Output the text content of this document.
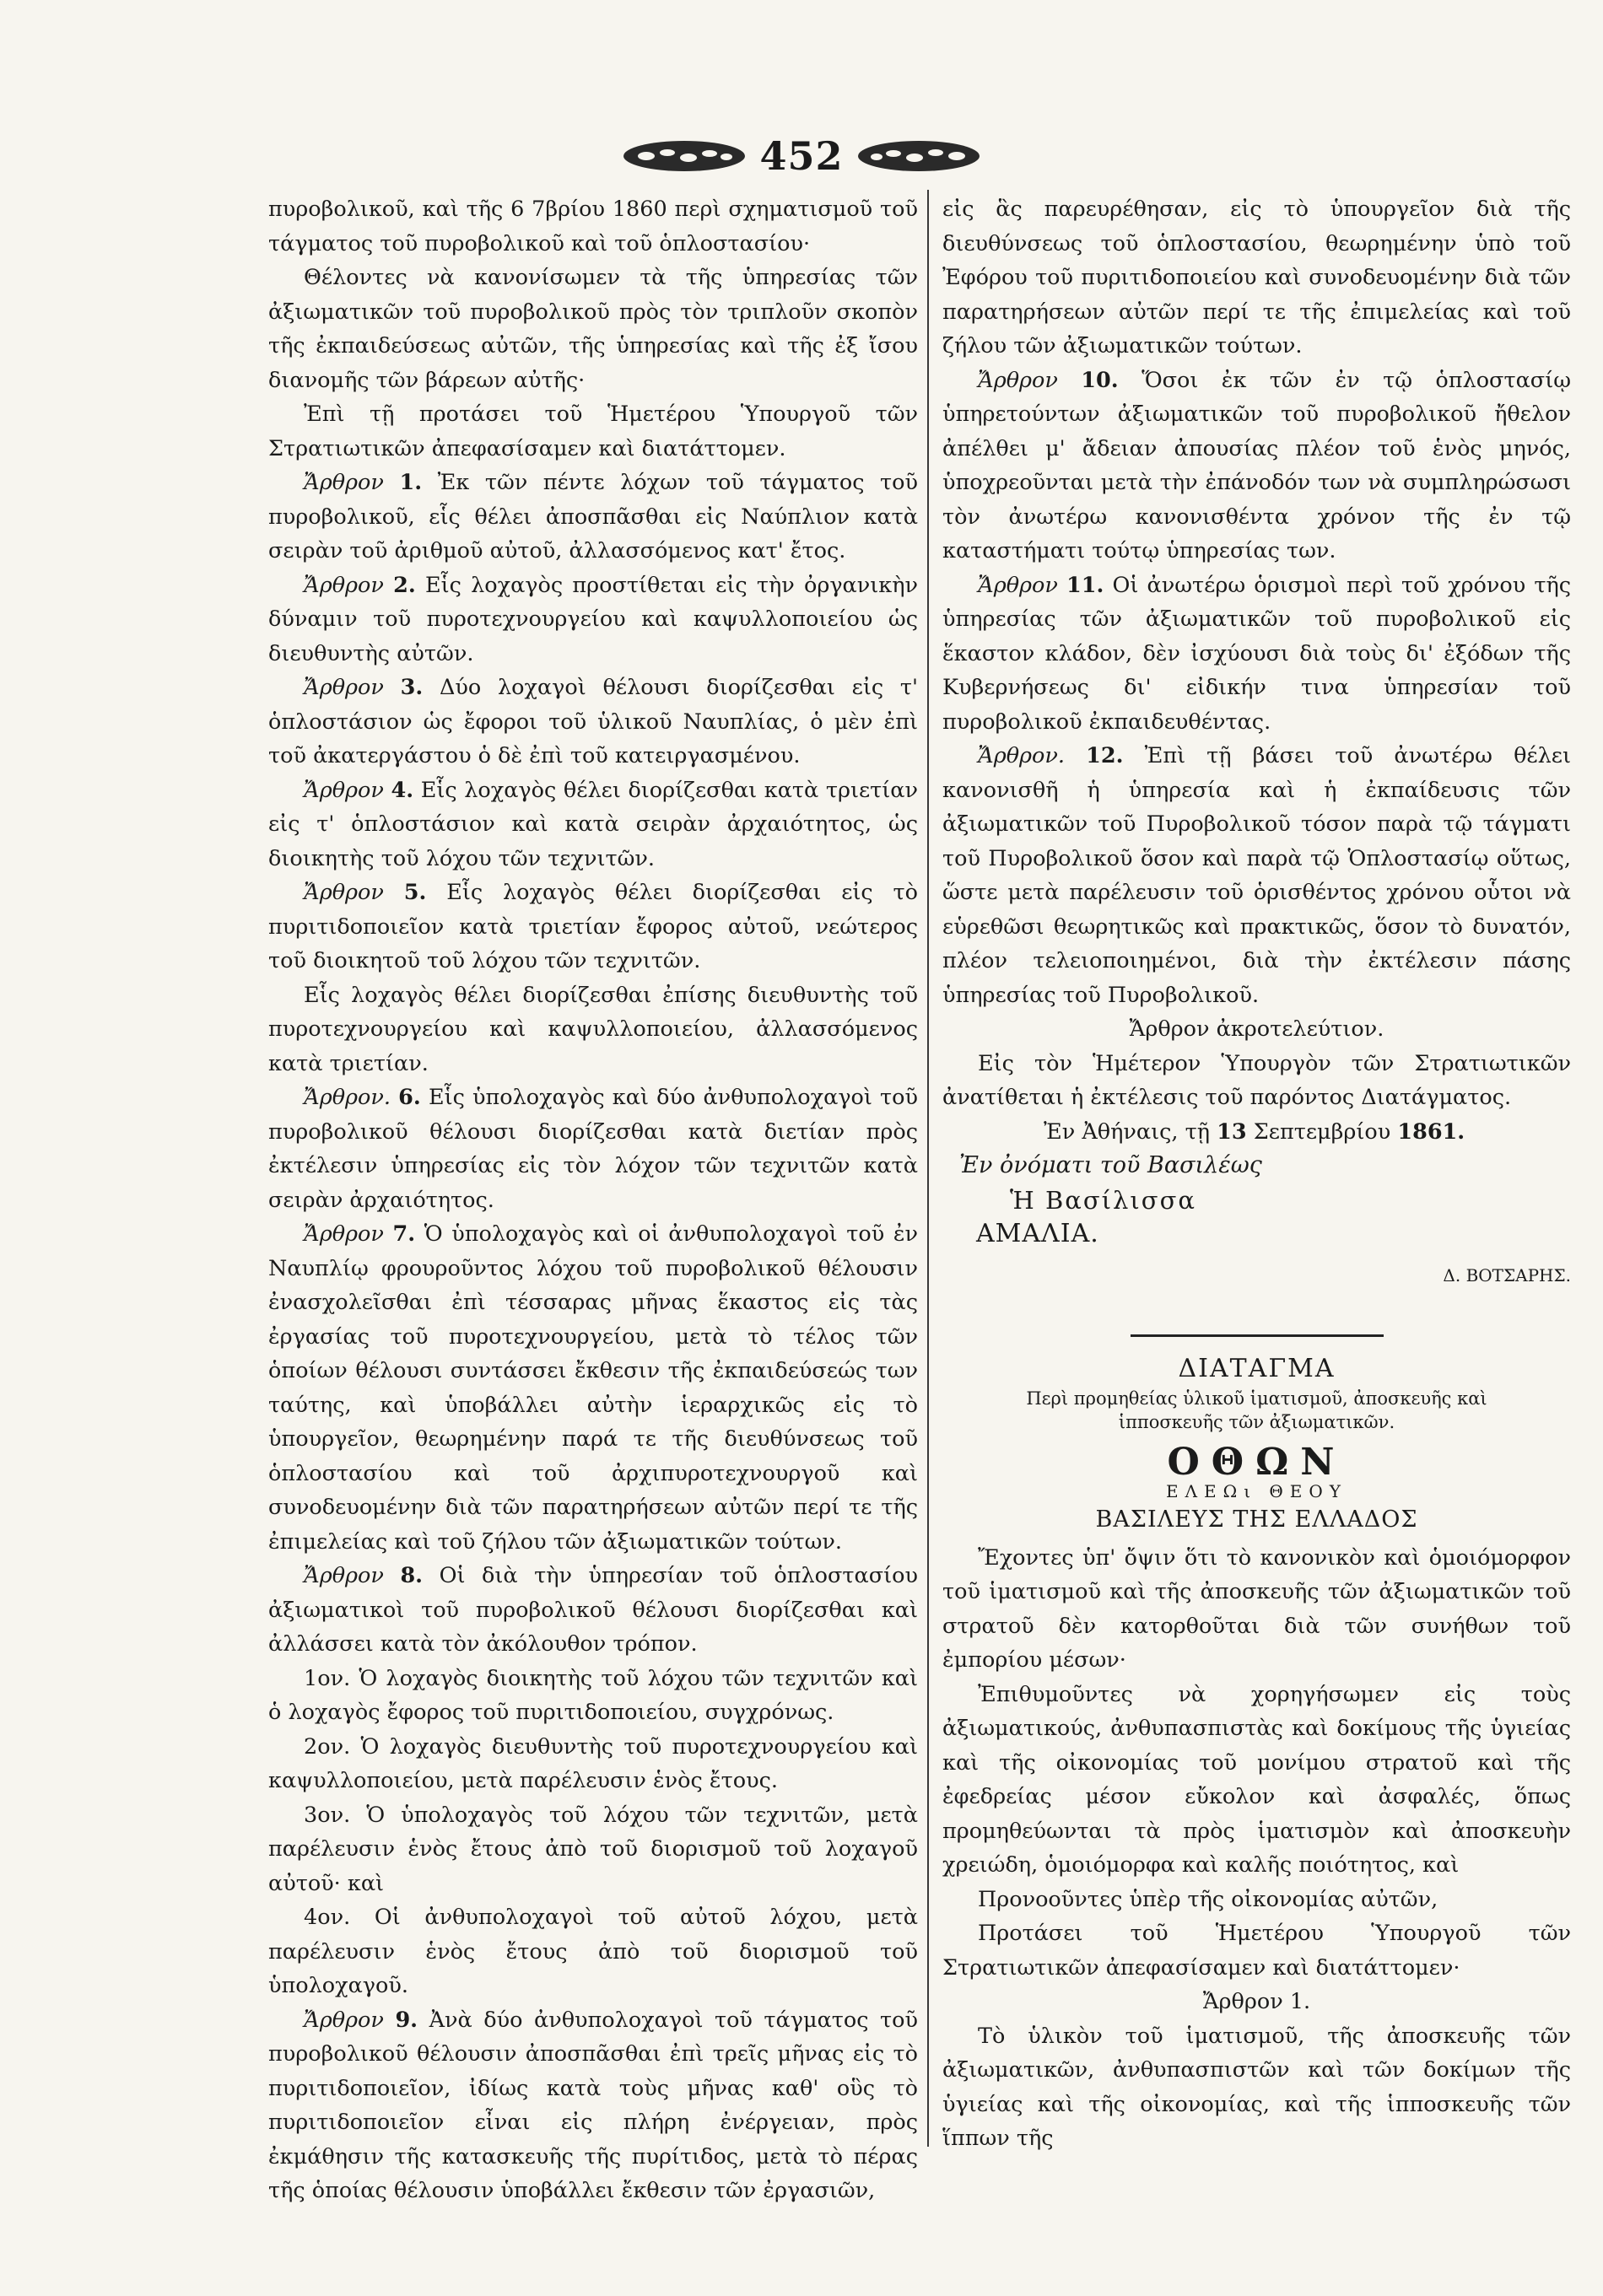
452

πυροβολικοῦ, καὶ τῆς 6 7βρίου 1860 περὶ σχηματισμοῦ τοῦ τάγματος τοῦ πυροβολικοῦ καὶ τοῦ ὁπλοστασίου·

Θέλοντες νὰ κανονίσωμεν τὰ τῆς ὑπηρεσίας τῶν ἀξιωματικῶν τοῦ πυροβολικοῦ πρὸς τὸν τριπλοῦν σκοπὸν τῆς ἐκπαιδεύσεως αὐτῶν, τῆς ὑπηρεσίας καὶ τῆς ἐξ ἴσου διανομῆς τῶν βάρεων αὐτῆς·

Ἐπὶ τῇ προτάσει τοῦ Ἡμετέρου Ὑπουργοῦ τῶν Στρατιωτικῶν ἀπεφασίσαμεν καὶ διατάττομεν.

Ἄρθρον 1. Ἐκ τῶν πέντε λόχων τοῦ τάγματος τοῦ πυροβολικοῦ, εἷς θέλει ἀποσπᾶσθαι εἰς Ναύπλιον κατὰ σειρὰν τοῦ ἀριθμοῦ αὐτοῦ, ἀλλασσόμενος κατ' ἔτος.

Ἄρθρον 2. Εἷς λοχαγὸς προστίθεται εἰς τὴν ὀργανικὴν δύναμιν τοῦ πυροτεχνουργείου καὶ καψυλλοποιείου ὡς διευθυντὴς αὐτῶν.

Ἄρθρον 3. Δύο λοχαγοὶ θέλουσι διορίζεσθαι εἰς τ' ὁπλοστάσιον ὡς ἔφοροι τοῦ ὑλικοῦ Ναυπλίας, ὁ μὲν ἐπὶ τοῦ ἀκατεργάστου ὁ δὲ ἐπὶ τοῦ κατειργασμένου.

Ἄρθρον 4. Εἷς λοχαγὸς θέλει διορίζεσθαι κατὰ τριετίαν εἰς τ' ὁπλοστάσιον καὶ κατὰ σειρὰν ἀρχαιότητος, ὡς διοικητὴς τοῦ λόχου τῶν τεχνιτῶν.

Ἄρθρον 5. Εἷς λοχαγὸς θέλει διορίζεσθαι εἰς τὸ πυριτιδοποιεῖον κατὰ τριετίαν ἔφορος αὐτοῦ, νεώτερος τοῦ διοικητοῦ τοῦ λόχου τῶν τεχνιτῶν.

Εἷς λοχαγὸς θέλει διορίζεσθαι ἐπίσης διευθυντὴς τοῦ πυροτεχνουργείου καὶ καψυλλοποιείου, ἀλλασσόμενος κατὰ τριετίαν.

Ἄρθρον. 6. Εἷς ὑπολοχαγὸς καὶ δύο ἀνθυπολοχαγοὶ τοῦ πυροβολικοῦ θέλουσι διορίζεσθαι κατὰ διετίαν πρὸς ἐκτέλεσιν ὑπηρεσίας εἰς τὸν λόχον τῶν τεχνιτῶν κατὰ σειρὰν ἀρχαιότητος.

Ἄρθρον 7. Ὁ ὑπολοχαγὸς καὶ οἱ ἀνθυπολοχαγοὶ τοῦ ἐν Ναυπλίῳ φρουροῦντος λόχου τοῦ πυροβολικοῦ θέλουσιν ἐνασχολεῖσθαι ἐπὶ τέσσαρας μῆνας ἕκαστος εἰς τὰς ἐργασίας τοῦ πυροτεχνουργείου, μετὰ τὸ τέλος τῶν ὁποίων θέλουσι συντάσσει ἔκθεσιν τῆς ἐκπαιδεύσεώς των ταύτης, καὶ ὑποβάλλει αὐτὴν ἱεραρχικῶς εἰς τὸ ὑπουργεῖον, θεωρημένην παρά τε τῆς διευθύνσεως τοῦ ὁπλοστασίου καὶ τοῦ ἀρχιπυροτεχνουργοῦ καὶ συνοδευομένην διὰ τῶν παρατηρήσεων αὐτῶν περί τε τῆς ἐπιμελείας καὶ τοῦ ζήλου τῶν ἀξιωματικῶν τούτων.

Ἄρθρον 8. Οἱ διὰ τὴν ὑπηρεσίαν τοῦ ὁπλοστασίου ἀξιωματικοὶ τοῦ πυροβολικοῦ θέλουσι διορίζεσθαι καὶ ἀλλάσσει κατὰ τὸν ἀκόλουθον τρόπον.

1ον. Ὁ λοχαγὸς διοικητὴς τοῦ λόχου τῶν τεχνιτῶν καὶ ὁ λοχαγὸς ἔφορος τοῦ πυριτιδοποιείου, συγχρόνως.

2ον. Ὁ λοχαγὸς διευθυντὴς τοῦ πυροτεχνουργείου καὶ καψυλλοποιείου, μετὰ παρέλευσιν ἑνὸς ἔτους.

3ον. Ὁ ὑπολοχαγὸς τοῦ λόχου τῶν τεχνιτῶν, μετὰ παρέλευσιν ἑνὸς ἔτους ἀπὸ τοῦ διορισμοῦ τοῦ λοχαγοῦ αὐτοῦ· καὶ

4ον. Οἱ ἀνθυπολοχαγοὶ τοῦ αὐτοῦ λόχου, μετὰ παρέλευσιν ἑνὸς ἔτους ἀπὸ τοῦ διορισμοῦ τοῦ ὑπολοχαγοῦ.

Ἄρθρον 9. Ἀνὰ δύο ἀνθυπολοχαγοὶ τοῦ τάγματος τοῦ πυροβολικοῦ θέλουσιν ἀποσπᾶσθαι ἐπὶ τρεῖς μῆνας εἰς τὸ πυριτιδοποιεῖον, ἰδίως κατὰ τοὺς μῆνας καθ' οὓς τὸ πυριτιδοποιεῖον εἶναι εἰς πλήρη ἐνέργειαν, πρὸς ἐκμάθησιν τῆς κατασκευῆς τῆς πυρίτιδος, μετὰ τὸ πέρας τῆς ὁποίας θέλουσιν ὑποβάλλει ἔκθεσιν τῶν ἐργασιῶν,

εἰς ἃς παρευρέθησαν, εἰς τὸ ὑπουργεῖον διὰ τῆς διευθύνσεως τοῦ ὁπλοστασίου, θεωρημένην ὑπὸ τοῦ Ἐφόρου τοῦ πυριτιδοποιείου καὶ συνοδευομένην διὰ τῶν παρατηρήσεων αὐτῶν περί τε τῆς ἐπιμελείας καὶ τοῦ ζήλου τῶν ἀξιωματικῶν τούτων.

Ἄρθρον 10. Ὅσοι ἐκ τῶν ἐν τῷ ὁπλοστασίῳ ὑπηρετούντων ἀξιωματικῶν τοῦ πυροβολικοῦ ἤθελον ἀπέλθει μ' ἄδειαν ἀπουσίας πλέον τοῦ ἑνὸς μηνός, ὑποχρεοῦνται μετὰ τὴν ἐπάνοδόν των νὰ συμπληρώσωσι τὸν ἀνωτέρω κανονισθέντα χρόνον τῆς ἐν τῷ καταστήματι τούτῳ ὑπηρεσίας των.

Ἄρθρον 11. Οἱ ἀνωτέρω ὁρισμοὶ περὶ τοῦ χρόνου τῆς ὑπηρεσίας τῶν ἀξιωματικῶν τοῦ πυροβολικοῦ εἰς ἕκαστον κλάδον, δὲν ἰσχύουσι διὰ τοὺς δι' ἐξόδων τῆς Κυβερνήσεως δι' εἰδικήν τινα ὑπηρεσίαν τοῦ πυροβολικοῦ ἐκπαιδευθέντας.

Ἄρθρον. 12. Ἐπὶ τῇ βάσει τοῦ ἀνωτέρω θέλει κανονισθῆ ἡ ὑπηρεσία καὶ ἡ ἐκπαίδευσις τῶν ἀξιωματικῶν τοῦ Πυροβολικοῦ τόσον παρὰ τῷ τάγματι τοῦ Πυροβολικοῦ ὅσον καὶ παρὰ τῷ Ὁπλοστασίῳ οὕτως, ὥστε μετὰ παρέλευσιν τοῦ ὁρισθέντος χρόνου οὗτοι νὰ εὑρεθῶσι θεωρητικῶς καὶ πρακτικῶς, ὅσον τὸ δυνατόν, πλέον τελειοποιημένοι, διὰ τὴν ἐκτέλεσιν πάσης ὑπηρεσίας τοῦ Πυροβολικοῦ.

Ἄρθρον ἀκροτελεύτιον.

Εἰς τὸν Ἡμέτερον Ὑπουργὸν τῶν Στρατιωτικῶν ἀνατίθεται ἡ ἐκτέλεσις τοῦ παρόντος Διατάγματος.

Ἐν Ἀθήναις, τῇ 13 Σεπτεμβρίου 1861.

Ἐν ὀνόματι τοῦ Βασιλέως

Ἡ Βασίλισσα

ΑΜΑΛΙΑ.

Δ. ΒΟΤΣΑΡΗΣ.

ΔΙΑΤΑΓΜΑ

Περὶ προμηθείας ὑλικοῦ ἱματισμοῦ, ἀποσκευῆς καὶ ἱπποσκευῆς τῶν ἀξιωματικῶν.

ΟΘΩΝ

ΕΛΕΩι ΘΕΟΥ

ΒΑΣΙΛΕΥΣ ΤΗΣ ΕΛΛΑΔΟΣ

Ἔχοντες ὑπ' ὄψιν ὅτι τὸ κανονικὸν καὶ ὁμοιόμορφον τοῦ ἱματισμοῦ καὶ τῆς ἀποσκευῆς τῶν ἀξιωματικῶν τοῦ στρατοῦ δὲν κατορθοῦται διὰ τῶν συνήθων τοῦ ἐμπορίου μέσων·

Ἐπιθυμοῦντες νὰ χορηγήσωμεν εἰς τοὺς ἀξιωματικούς, ἀνθυπασπιστὰς καὶ δοκίμους τῆς ὑγιείας καὶ τῆς οἰκονομίας τοῦ μονίμου στρατοῦ καὶ τῆς ἐφεδρείας μέσον εὔκολον καὶ ἀσφαλές, ὅπως προμηθεύωνται τὰ πρὸς ἱματισμὸν καὶ ἀποσκευὴν χρειώδη, ὁμοιόμορφα καὶ καλῆς ποιότητος, καὶ

Προνοοῦντες ὑπὲρ τῆς οἰκονομίας αὐτῶν,

Προτάσει τοῦ Ἡμετέρου Ὑπουργοῦ τῶν Στρατιωτικῶν ἀπεφασίσαμεν καὶ διατάττομεν·

Ἄρθρον 1.

Τὸ ὑλικὸν τοῦ ἱματισμοῦ, τῆς ἀποσκευῆς τῶν ἀξιωματικῶν, ἀνθυπασπιστῶν καὶ τῶν δοκίμων τῆς ὑγιείας καὶ τῆς οἰκονομίας, καὶ τῆς ἱπποσκευῆς τῶν ἵππων τῆς
